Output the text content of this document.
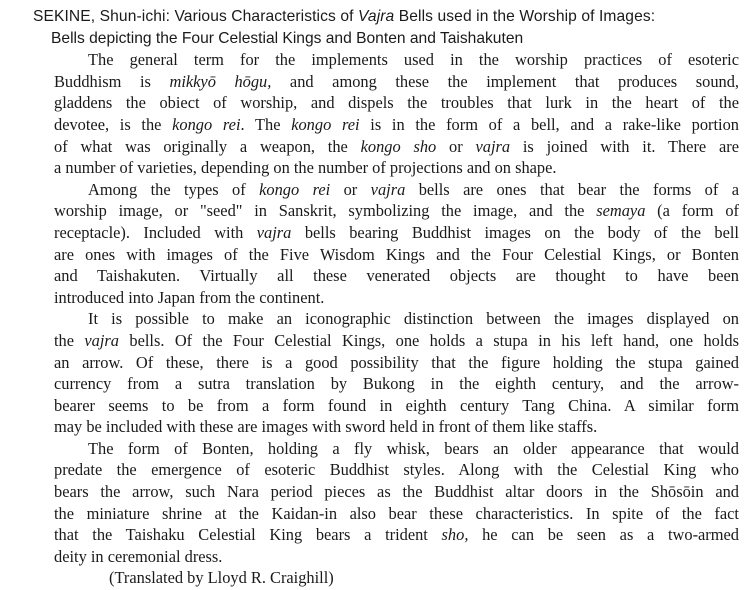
SEKINE, Shun-ichi: Various Characteristics of Vajra Bells used in the Worship of Images:
Bells depicting the Four Celestial Kings and Bonten and Taishakuten
The general term for the implements used in the worship practices of esoteric
Buddhism is mikkyō hōgu, and among these the implement that produces sound,
gladdens the obiect of worship, and dispels the troubles that lurk in the heart of the
devotee, is the kongo rei. The kongo rei is in the form of a bell, and a rake-like portion
of what was originally a weapon, the kongo sho or vajra is joined with it. There are
a number of varieties, depending on the number of projections and on shape.
Among the types of kongo rei or vajra bells are ones that bear the forms of a
worship image, or "seed" in Sanskrit, symbolizing the image, and the semaya (a form of
receptacle). Included with vajra bells bearing Buddhist images on the body of the bell
are ones with images of the Five Wisdom Kings and the Four Celestial Kings, or Bonten
and Taishakuten. Virtually all these venerated objects are thought to have been
introduced into Japan from the continent.
It is possible to make an iconographic distinction between the images displayed on
the vajra bells. Of the Four Celestial Kings, one holds a stupa in his left hand, one holds
an arrow. Of these, there is a good possibility that the figure holding the stupa gained
currency from a sutra translation by Bukong in the eighth century, and the arrow-
bearer seems to be from a form found in eighth century Tang China. A similar form
may be included with these are images with sword held in front of them like staffs.
The form of Bonten, holding a fly whisk, bears an older appearance that would
predate the emergence of esoteric Buddhist styles. Along with the Celestial King who
bears the arrow, such Nara period pieces as the Buddhist altar doors in the Shōsōin and
the miniature shrine at the Kaidan-in also bear these characteristics. In spite of the fact
that the Taishaku Celestial King bears a trident sho, he can be seen as a two-armed
deity in ceremonial dress.
(Translated by Lloyd R. Craighill)
